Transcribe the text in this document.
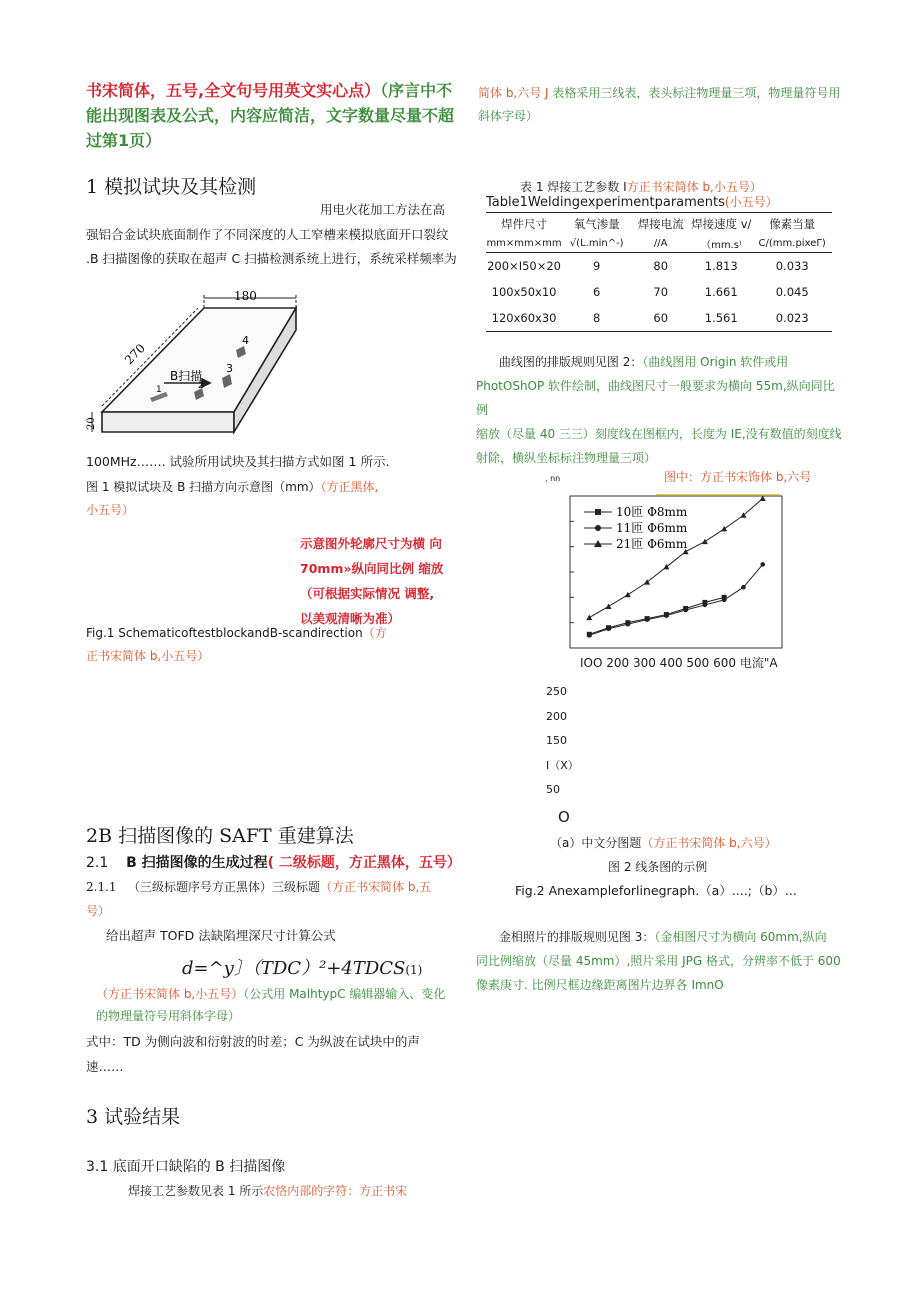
书宋简体，五号,全文句号用英文实心点）（序言中不能出现图表及公式，内容应简洁，文字数量尽量不超过第1页）
简体 b,六号 J 表格采用三线表，表头标注物理量三项，物理量符号用斜体字母）
1 模拟试块及其检测
用电火花加工方法在高
强铝合金试块底面制作了不同深度的人工窄槽来模拟底面开口裂纹
.B 扫描图像的获取在超声 C 扫描检测系统上进行，系统采样频率为
180
270
20
B扫描
1	2
3
4
100MHz……. 试验所用试块及其扫描方式如图 1 所示.
图 1 模拟试块及 B 扫描方向示意图（mm）（方正黑体,
小五号）
示意图外轮廓尺寸为横 向
70mm»纵向同比例 缩放
（可根据实际情况 调整,
以美观清晰为准）
Fig.1 SchematicoftestblockandB-scandirection（方
正书宋简体 b,小五号）
2B 扫描图像的 SAFT 重建算法
2.1 B 扫描图像的生成过程( 二级标题，方正黑体，五号）
2.1.1 （三级标题序号方正黑体）三级标题（方正书宋简体 b,五
号）
给出超声 TOFD 法缺陷埋深尺寸计算公式
d=^y〕（TDC）²+4TDCS(1)
（方正书宋简体 b,小五号）（公式用 MalhtypC 编辑器输入、变化
的物理量符号用斜体字母）
式中：TD 为侧向波和衍射波的时差；C 为纵波在试块中的声
速……
3 试验结果
3.1 底面开口缺陷的 B 扫描图像
焊接工艺参数见表 1 所示农恪内部的字符：方正书宋
表 1 焊接工艺参数 I方正书宋简体 b,小五号）
Table1Weldingexperimentparaments(小五号）
焊件尺寸	氧气渗量	焊接电流	焊接速度 v/	像素当量
mm×mm×mm	√(L.min^-)	//A	（mm.s⁾	C/(mm.pixeΓ)
200×I50×20	9	80	1.813	0.033
100x50x10	6	70	1.661	0.045
120x60x30	8	60	1.561	0.023
曲线图的排版规则见图 2：（曲线图用 Origin 软件或用
PhotOShOP 软件绘制，曲线图尺寸一般要求为横向 55m,纵向同比例
缩放（尽量 40 三三）刻度线在图框内，长度为 IE,没有数值的刻度线
射除，横纵坐标标注物理量三项）
图中：方正书宋饰体 b,六号
, nn
10匝 Φ8mm
11匝 Φ6mm
21匝 Φ6mm
IOO 200 300 400 500 600 电流"A
250
200
150
I（X）
50
O
（a）中文分图题（方正书宋简体 b,六号）
图 2 线条图的示例
Fig.2 Anexampleforlinegraph.（a）....;（b）...
金相照片的排版规则见图 3：（金相图尺寸为横向 60mm,纵向
同比例缩放（尽量 45mm）,照片采用 JPG 格式，分辨率不低于 600
像素庚寸. 比例尺框边缘距离图片边界各 ImnO
